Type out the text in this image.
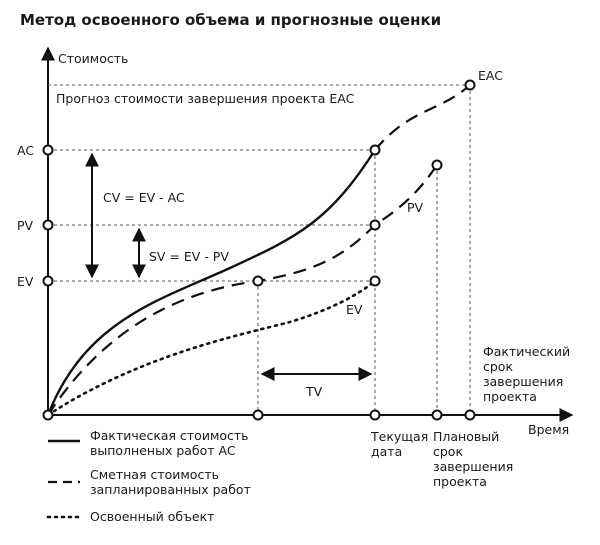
Метод освоенного объема и прогнозные оценки
Стоимость
Время
AC
PV
EV
CV = EV - AC
SV = EV - PV
TV
Прогноз стоимости завершения проекта EAC
EAC
PV
EV
Фактический срок завершения проекта
Текущая дата
Плановый срок завершения проекта
Фактическая стоимость выполненых работ AC
Сметная стоимость запланированных работ
Освоенный объект
